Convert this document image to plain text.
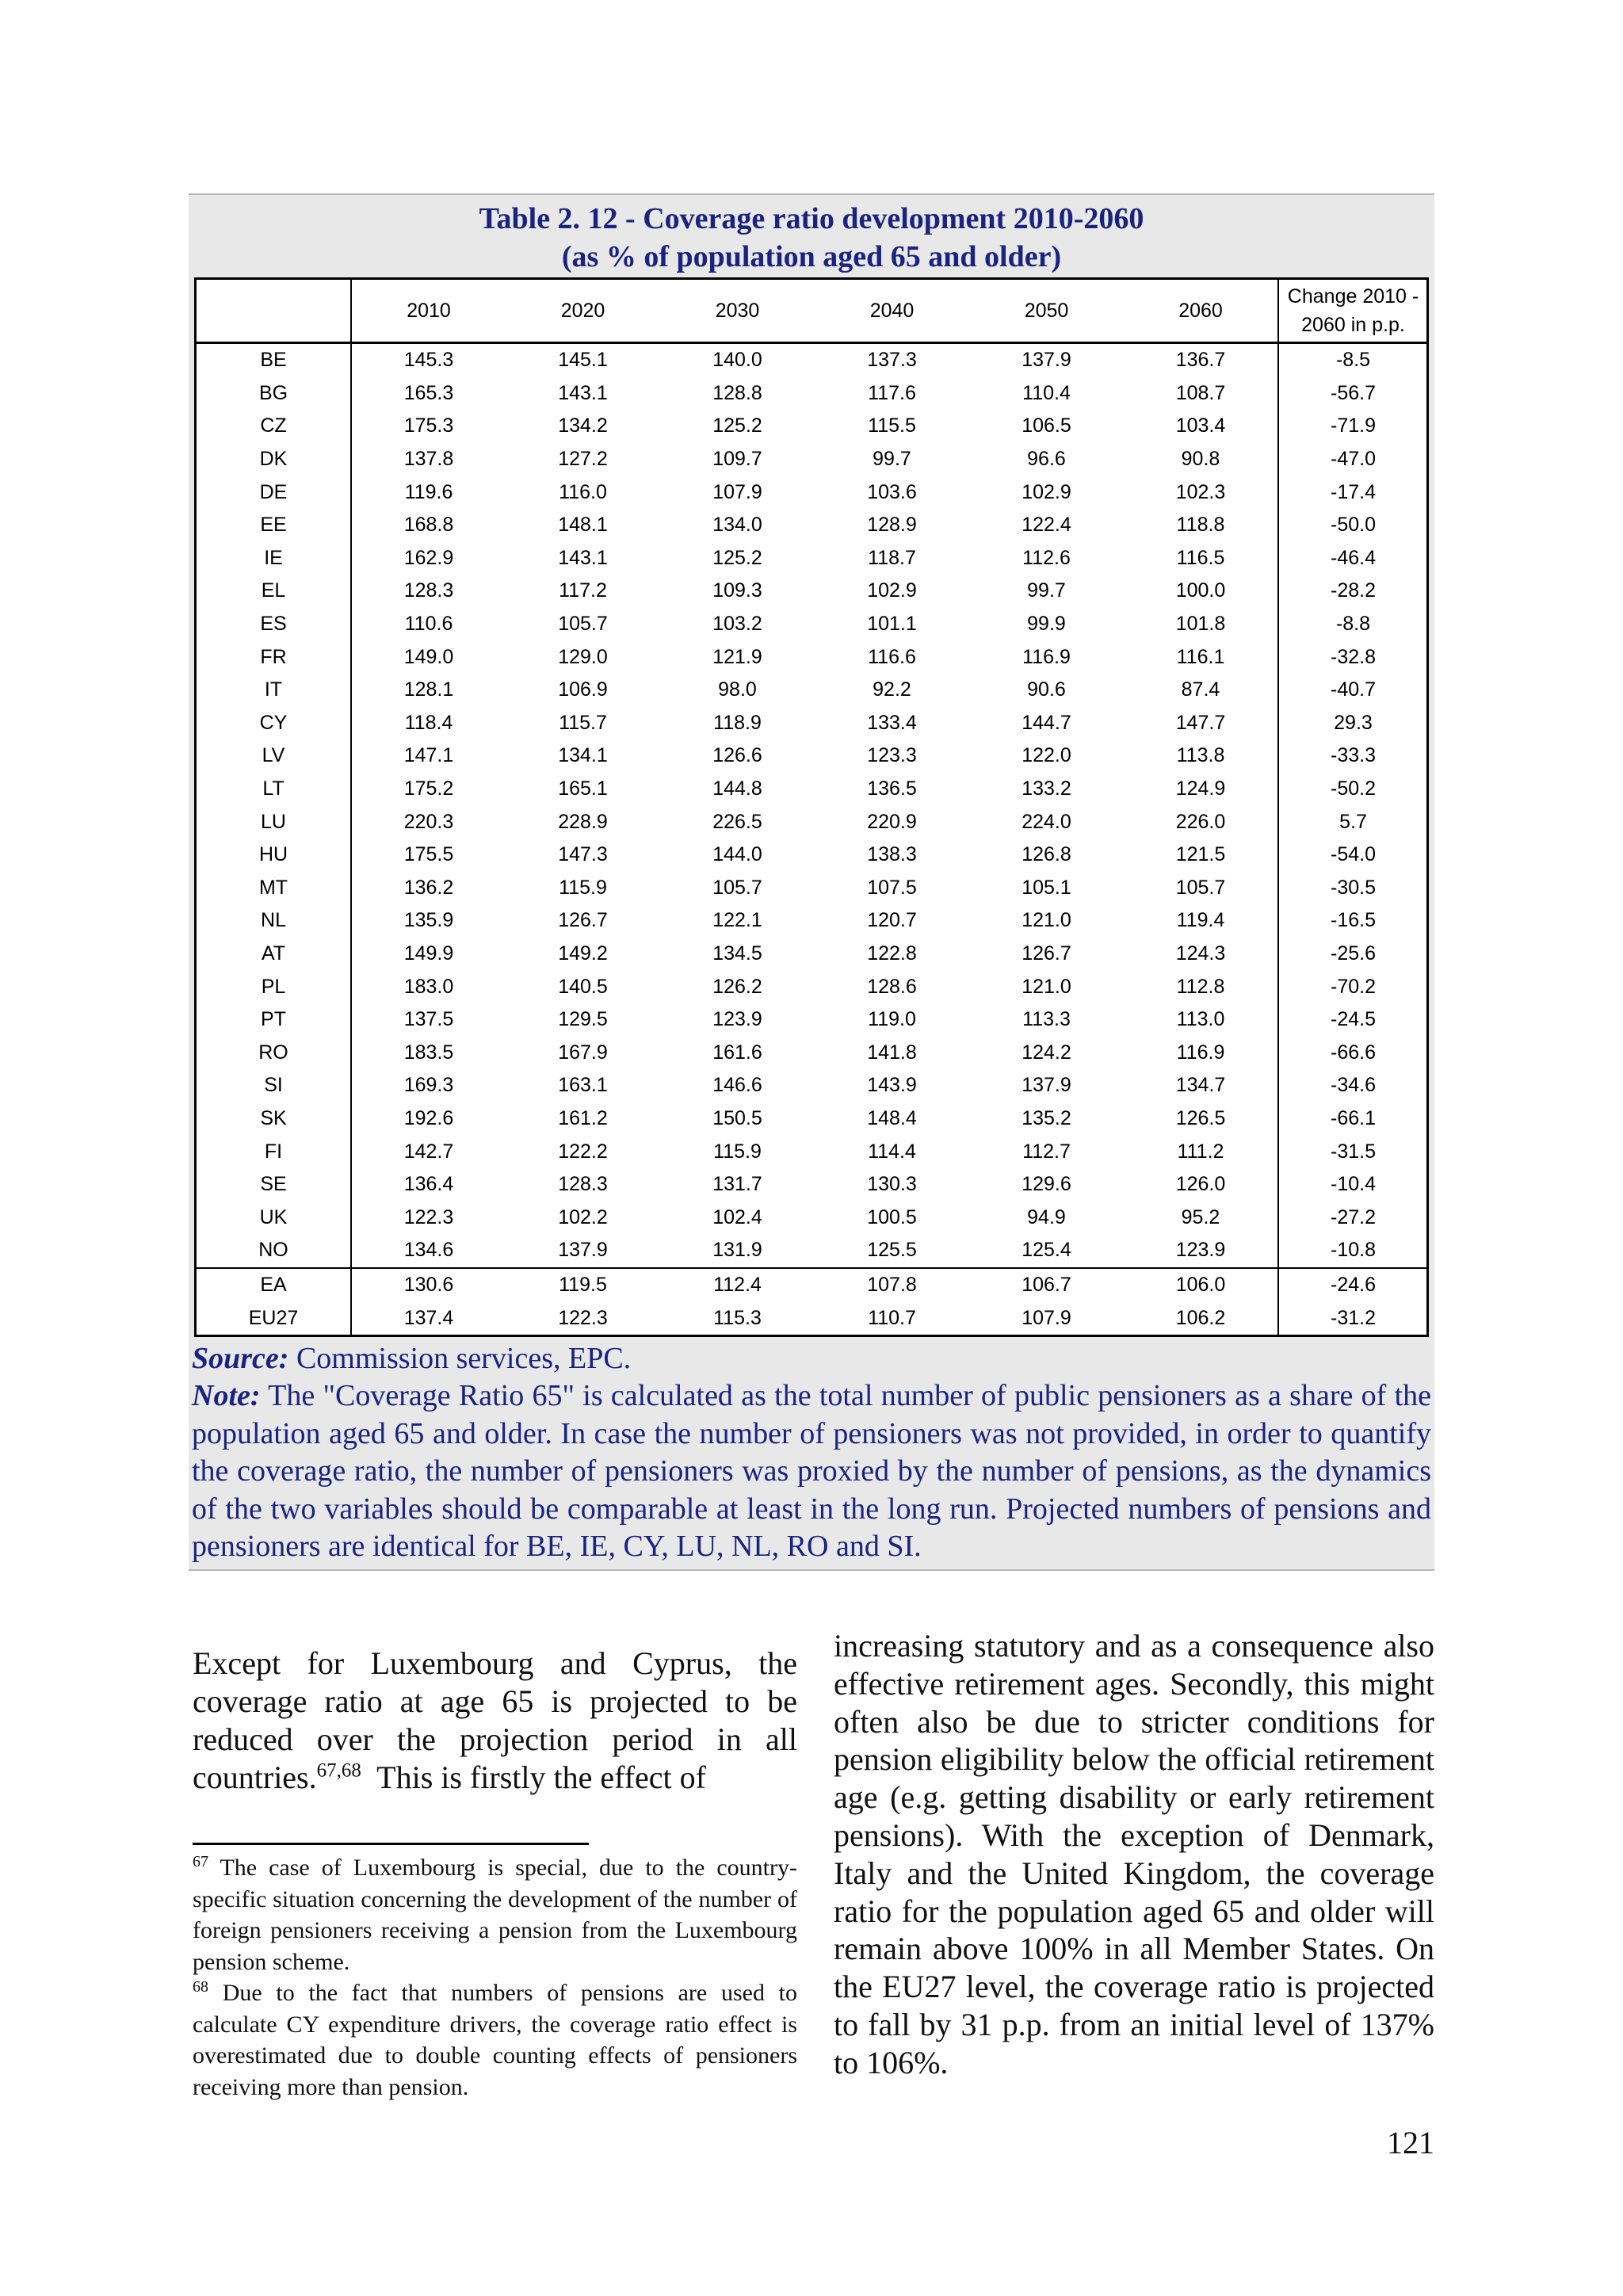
Table 2. 12 - Coverage ratio development 2010-2060
(as % of population aged 65 and older)
	2010	2020	2030	2040	2050	2060	Change 2010 -
2060 in p.p.

BE	145.3	145.1	140.0	137.3	137.9	136.7	-8.5
BG	165.3	143.1	128.8	117.6	110.4	108.7	-56.7
CZ	175.3	134.2	125.2	115.5	106.5	103.4	-71.9
DK	137.8	127.2	109.7	99.7	96.6	90.8	-47.0
DE	119.6	116.0	107.9	103.6	102.9	102.3	-17.4
EE	168.8	148.1	134.0	128.9	122.4	118.8	-50.0
IE	162.9	143.1	125.2	118.7	112.6	116.5	-46.4
EL	128.3	117.2	109.3	102.9	99.7	100.0	-28.2
ES	110.6	105.7	103.2	101.1	99.9	101.8	-8.8
FR	149.0	129.0	121.9	116.6	116.9	116.1	-32.8
IT	128.1	106.9	98.0	92.2	90.6	87.4	-40.7
CY	118.4	115.7	118.9	133.4	144.7	147.7	29.3
LV	147.1	134.1	126.6	123.3	122.0	113.8	-33.3
LT	175.2	165.1	144.8	136.5	133.2	124.9	-50.2
LU	220.3	228.9	226.5	220.9	224.0	226.0	5.7
HU	175.5	147.3	144.0	138.3	126.8	121.5	-54.0
MT	136.2	115.9	105.7	107.5	105.1	105.7	-30.5
NL	135.9	126.7	122.1	120.7	121.0	119.4	-16.5
AT	149.9	149.2	134.5	122.8	126.7	124.3	-25.6
PL	183.0	140.5	126.2	128.6	121.0	112.8	-70.2
PT	137.5	129.5	123.9	119.0	113.3	113.0	-24.5
RO	183.5	167.9	161.6	141.8	124.2	116.9	-66.6
SI	169.3	163.1	146.6	143.9	137.9	134.7	-34.6
SK	192.6	161.2	150.5	148.4	135.2	126.5	-66.1
FI	142.7	122.2	115.9	114.4	112.7	111.2	-31.5
SE	136.4	128.3	131.7	130.3	129.6	126.0	-10.4
UK	122.3	102.2	102.4	100.5	94.9	95.2	-27.2
NO	134.6	137.9	131.9	125.5	125.4	123.9	-10.8
EA	130.6	119.5	112.4	107.8	106.7	106.0	-24.6
EU27	137.4	122.3	115.3	110.7	107.9	106.2	-31.2

Source: Commission services, EPC.

Note: The "Coverage Ratio 65" is calculated as the total number of public pensioners as a share of the population aged 65 and older. In case the number of pensioners was not provided, in order to quantify the coverage ratio, the number of pensioners was proxied by the number of pensions, as the dynamics of the two variables should be comparable at least in the long run. Projected numbers of pensions and pensioners are identical for BE, IE, CY, LU, NL, RO and SI.

Except for Luxembourg and Cyprus, the coverage ratio at age 65 is projected to be reduced over the projection period in all countries.$^{67,68}$  This is firstly the effect of

$^{67}$ The case of Luxembourg is special, due to the country-specific situation concerning the development of the number of foreign pensioners receiving a pension from the Luxembourg pension scheme.

$^{68}$ Due to the fact that numbers of pensions are used to calculate CY expenditure drivers, the coverage ratio effect is overestimated due to double counting effects of pensioners receiving more than pension.

increasing statutory and as a consequence also effective retirement ages. Secondly, this might often also be due to stricter conditions for pension eligibility below the official retirement age (e.g. getting disability or early retirement pensions). With the exception of Denmark, Italy and the United Kingdom, the coverage ratio for the population aged 65 and older will remain above 100% in all Member States. On the EU27 level, the coverage ratio is projected to fall by 31 p.p. from an initial level of 137% to 106%.

121
